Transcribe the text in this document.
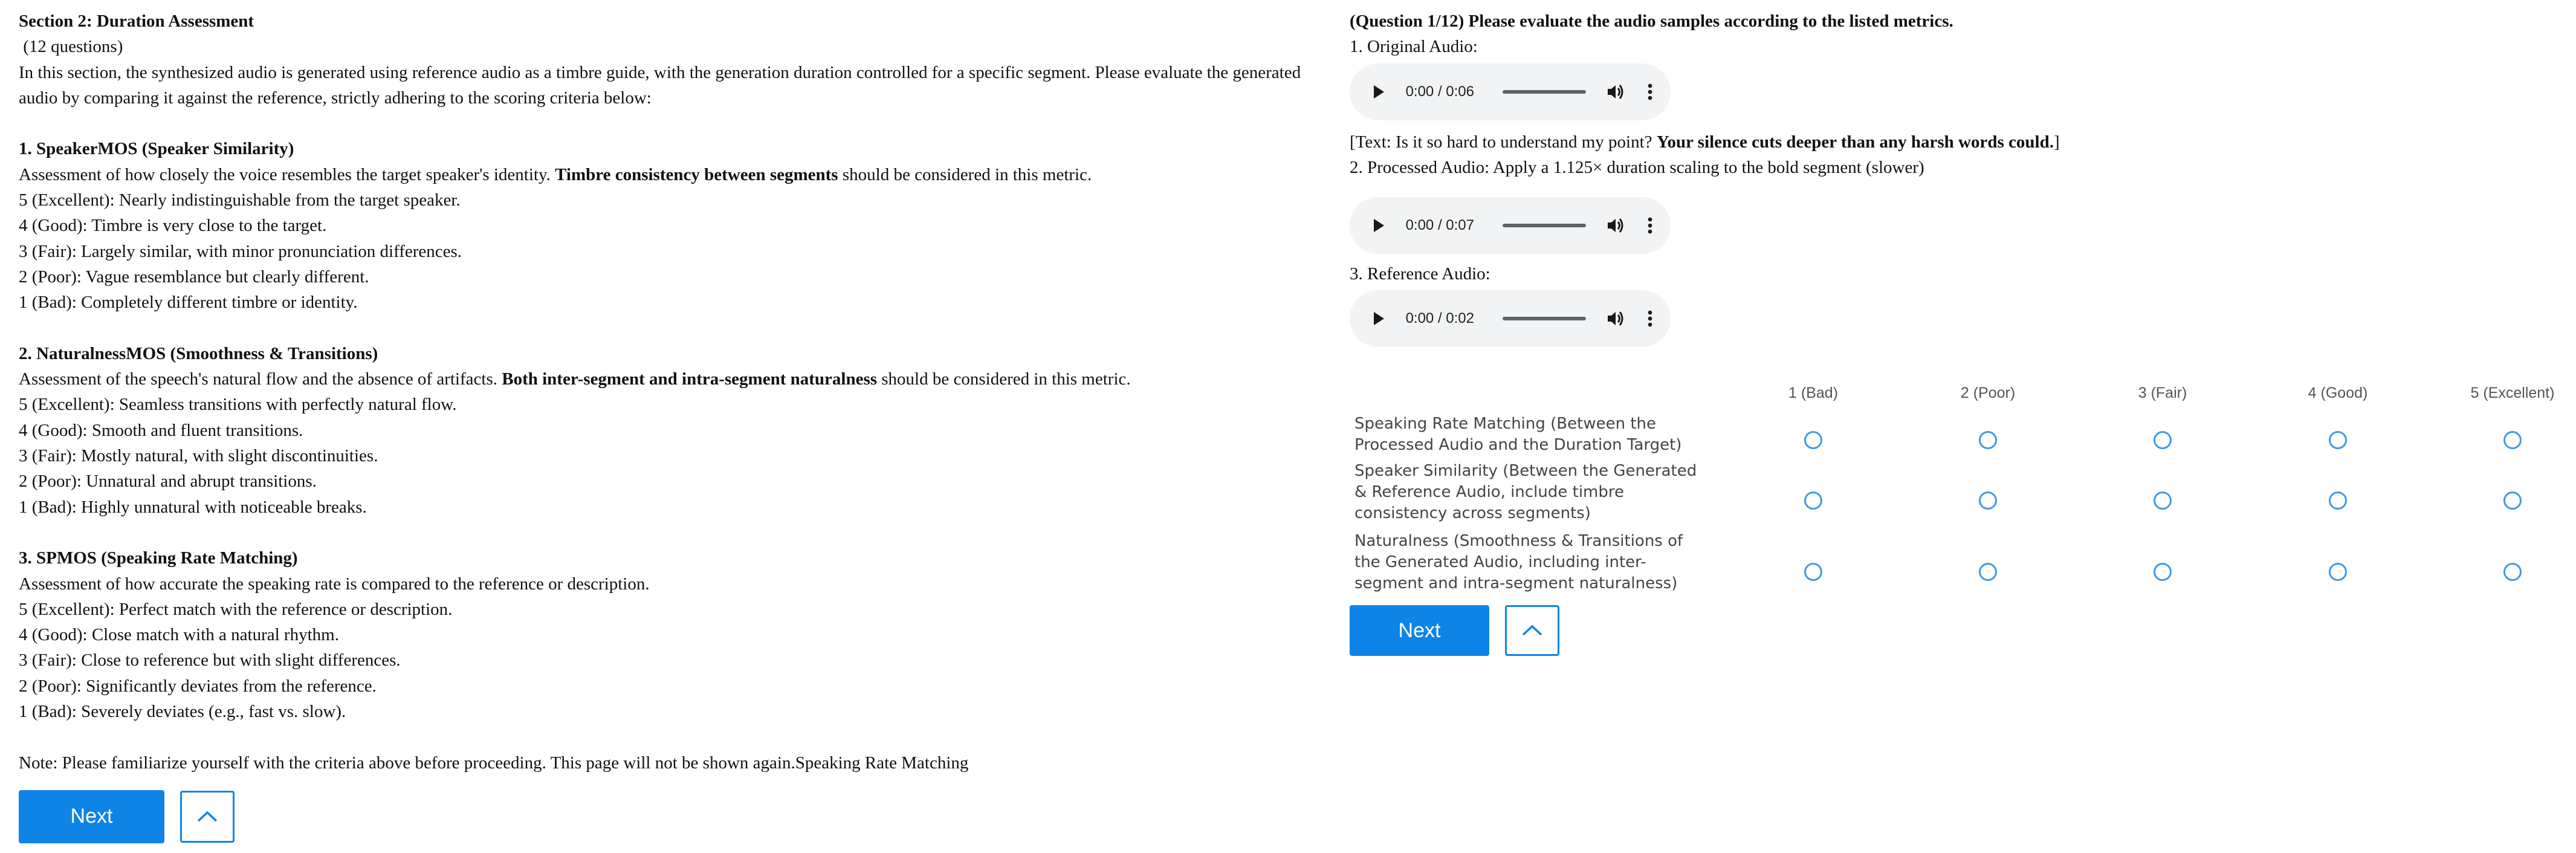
Section 2: Duration Assessment
(12 questions)
In this section, the synthesized audio is generated using reference audio as a timbre guide, with the generation duration controlled for a specific segment. Please evaluate the generated audio by comparing it against the reference, strictly adhering to the scoring criteria below:
1. SpeakerMOS (Speaker Similarity)
Assessment of how closely the voice resembles the target speaker's identity. Timbre consistency between segments should be considered in this metric.
5 (Excellent): Nearly indistinguishable from the target speaker.
4 (Good): Timbre is very close to the target.
3 (Fair): Largely similar, with minor pronunciation differences.
2 (Poor): Vague resemblance but clearly different.
1 (Bad): Completely different timbre or identity.
2. NaturalnessMOS (Smoothness & Transitions)
Assessment of the speech's natural flow and the absence of artifacts. Both inter-segment and intra-segment naturalness should be considered in this metric.
5 (Excellent): Seamless transitions with perfectly natural flow.
4 (Good): Smooth and fluent transitions.
3 (Fair): Mostly natural, with slight discontinuities.
2 (Poor): Unnatural and abrupt transitions.
1 (Bad): Highly unnatural with noticeable breaks.
3. SPMOS (Speaking Rate Matching)
Assessment of how accurate the speaking rate is compared to the reference or description.
5 (Excellent): Perfect match with the reference or description.
4 (Good): Close match with a natural rhythm.
3 (Fair): Close to reference but with slight differences.
2 (Poor): Significantly deviates from the reference.
1 (Bad): Severely deviates (e.g., fast vs. slow).
Note: Please familiarize yourself with the criteria above before proceeding. This page will not be shown again.Speaking Rate Matching
Next
(Question 1/12) Please evaluate the audio samples according to the listed metrics.
1. Original Audio:
0:00 / 0:06
[Text: Is it so hard to understand my point? Your silence cuts deeper than any harsh words could.]
2. Processed Audio: Apply a 1.125× duration scaling to the bold segment (slower)
0:00 / 0:07
3. Reference Audio:
0:00 / 0:02
1 (Bad)	2 (Poor)	3 (Fair)	4 (Good)	5 (Excellent)
Speaking Rate Matching (Between the Processed Audio and the Duration Target)
Speaker Similarity (Between the Generated & Reference Audio, include timbre consistency across segments)
Naturalness (Smoothness & Transitions of the Generated Audio, including inter-segment and intra-segment naturalness)
Next
